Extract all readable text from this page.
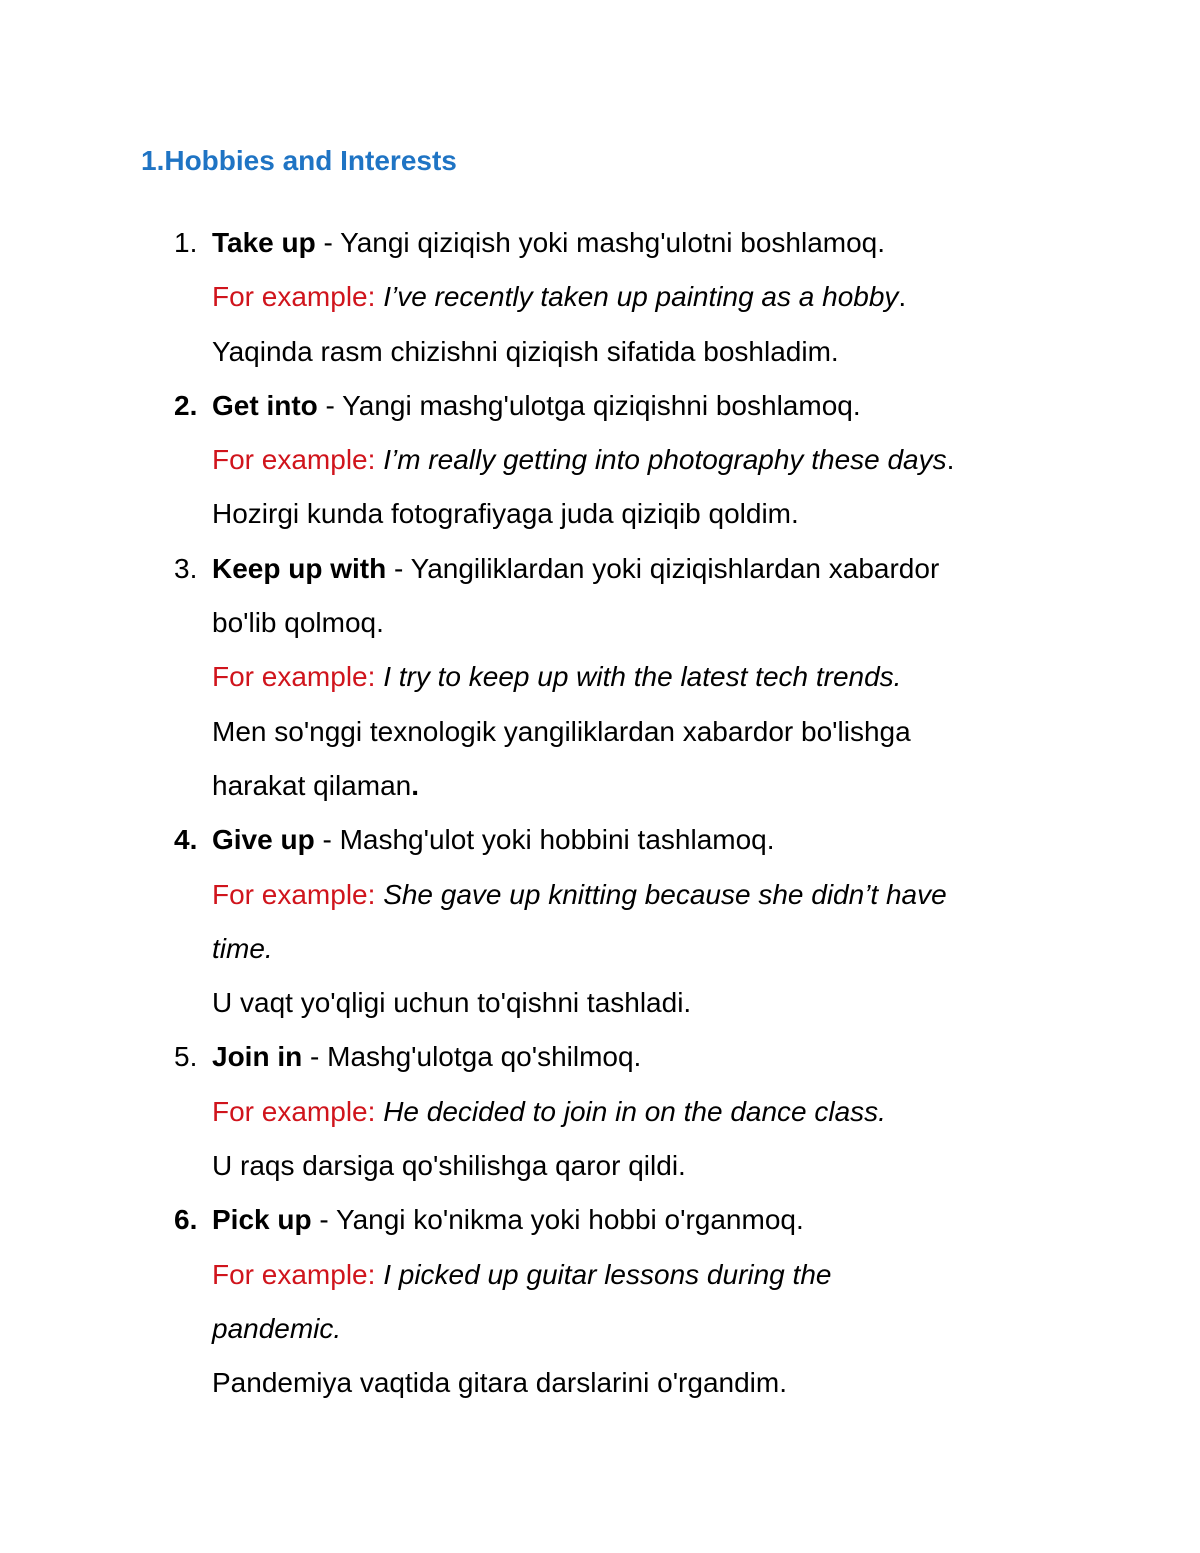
1.Hobbies and Interests
1. Take up - Yangi qiziqish yoki mashg'ulotni boshlamoq.
For example: I’ve recently taken up painting as a hobby.
Yaqinda rasm chizishni qiziqish sifatida boshladim.
2. Get into - Yangi mashg'ulotga qiziqishni boshlamoq.
For example: I’m really getting into photography these days.
Hozirgi kunda fotografiyaga juda qiziqib qoldim.
3. Keep up with - Yangiliklardan yoki qiziqishlardan xabardor
bo'lib qolmoq.
For example: I try to keep up with the latest tech trends.
Men so'nggi texnologik yangiliklardan xabardor bo'lishga
harakat qilaman.
4. Give up - Mashg'ulot yoki hobbini tashlamoq.
For example: She gave up knitting because she didn’t have
time.
U vaqt yo'qligi uchun to'qishni tashladi.
5. Join in - Mashg'ulotga qo'shilmoq.
For example: He decided to join in on the dance class.
U raqs darsiga qo'shilishga qaror qildi.
6. Pick up - Yangi ko'nikma yoki hobbi o'rganmoq.
For example: I picked up guitar lessons during the
pandemic.
Pandemiya vaqtida gitara darslarini o'rgandim.
